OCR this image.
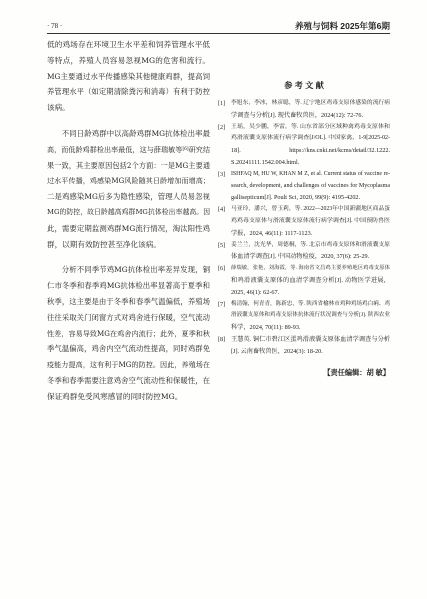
· 78 ·	养殖与饲料 2025年第6期
低的鸡场存在环境卫生水平差和饲养管理水平低
等特点，养殖人员容易忽视MG的危害和流行。
MG主要通过水平传播感染其他健康鸡群，提高饲
养管理水平（如定期清除粪污和消毒）有利于防控
该病。
不同日龄鸡群中以高龄鸡群MG抗体检出率最
高，而低龄鸡群检出率最低，这与薛瑞敏等[6]研究结
果一致，其主要原因包括2个方面：一是MG主要通
过水平传播，鸡感染MG风险随其日龄增加而增高；
二是鸡感染MG后多为隐性感染，管理人员易忽视
MG的防控，故日龄越高鸡群MG抗体检出率越高。因
此，需要定期监测鸡群MG流行情况，淘汰阳性鸡
群，以期有效防控甚至净化该病。
分析不同季节鸡MG抗体检出率差异发现，铜
仁市冬季和春季鸡MG抗体检出率显著高于夏季和
秋季，这主要是由于冬季和春季气温偏低，养殖场
往往采取关门闭窗方式对鸡舍进行保暖，空气流动
性差，容易导致MG在鸡舍内流行；此外，夏季和秋
季气温偏高，鸡舍内空气流动性提高，同时鸡群免
疫能力提高，这有利于MG的防控。因此，养殖场在
冬季和春季需要注意鸡舍空气流动性和保暖性，在
保证鸡群免受风寒感冒的同时防控MG。
参 考 文 献
[1]	李旭东，李冰，林彦聪，等. 辽宁地区鸡毒支原体感染的流行病
学调查与分析[J]. 现代畜牧兽医，2024(12): 72-76.
[2] 王瑶，吴少鹏，李雷，等. 山东省部分区域种禽鸡毒支原体和
鸡滑液囊支原体流行病学调查[J/OL]. 中国家禽，1-9[2025-02-
18]. https://kns.cnki.net/kcms/detail/32.1222.
S.20241111.1542.004.html.
[3] ISHFAQ M, HU W, KHAN M Z, et al. Current status of vaccine re-
search, development, and challenges of vaccines for Mycoplasma
gallisepticum[J]. Poult Sci, 2020, 99(9): 4195-4202.
[4]	马亚玲，潘兴，曾玉莉，等. 2022—2023年中国新疆地区商品蛋
鸡鸡毒支原体与滑液囊支原体流行病学调查[J]. 中国预防兽医
学报，2024, 46(11): 1117-1123.
[5]	姜兰兰，沈光华，周德桐，等. 北京市鸡毒支原体和滑液囊支原
体血清学调查[J]. 中国动物检疫，2020, 37(6): 25-29.
[6]	薛瑞敏，张艳，刘海霞，等. 海南省文昌鸡主要养殖地区鸡毒支原体
和鸡滑液囊支原体的血清学调查分析[J]. 动物医学进展，
2025, 46(1): 62-67.
[7]	梅清翰，何青青，陈新忠，等. 陕西省榆林市鸡种鸡场鸡白痢、鸡
滑液囊支原体和鸡毒支原体抗体流行状况调查与分析[J]. 陕西农业
科学，2024, 70(11): 89-93.
[8] 王慧英. 铜仁市碧江区蛋鸡滑液囊支原体血清学调查与分析
[J]. 云南畜牧兽医，2024(3): 18-20.
【责任编辑：胡 敏】
